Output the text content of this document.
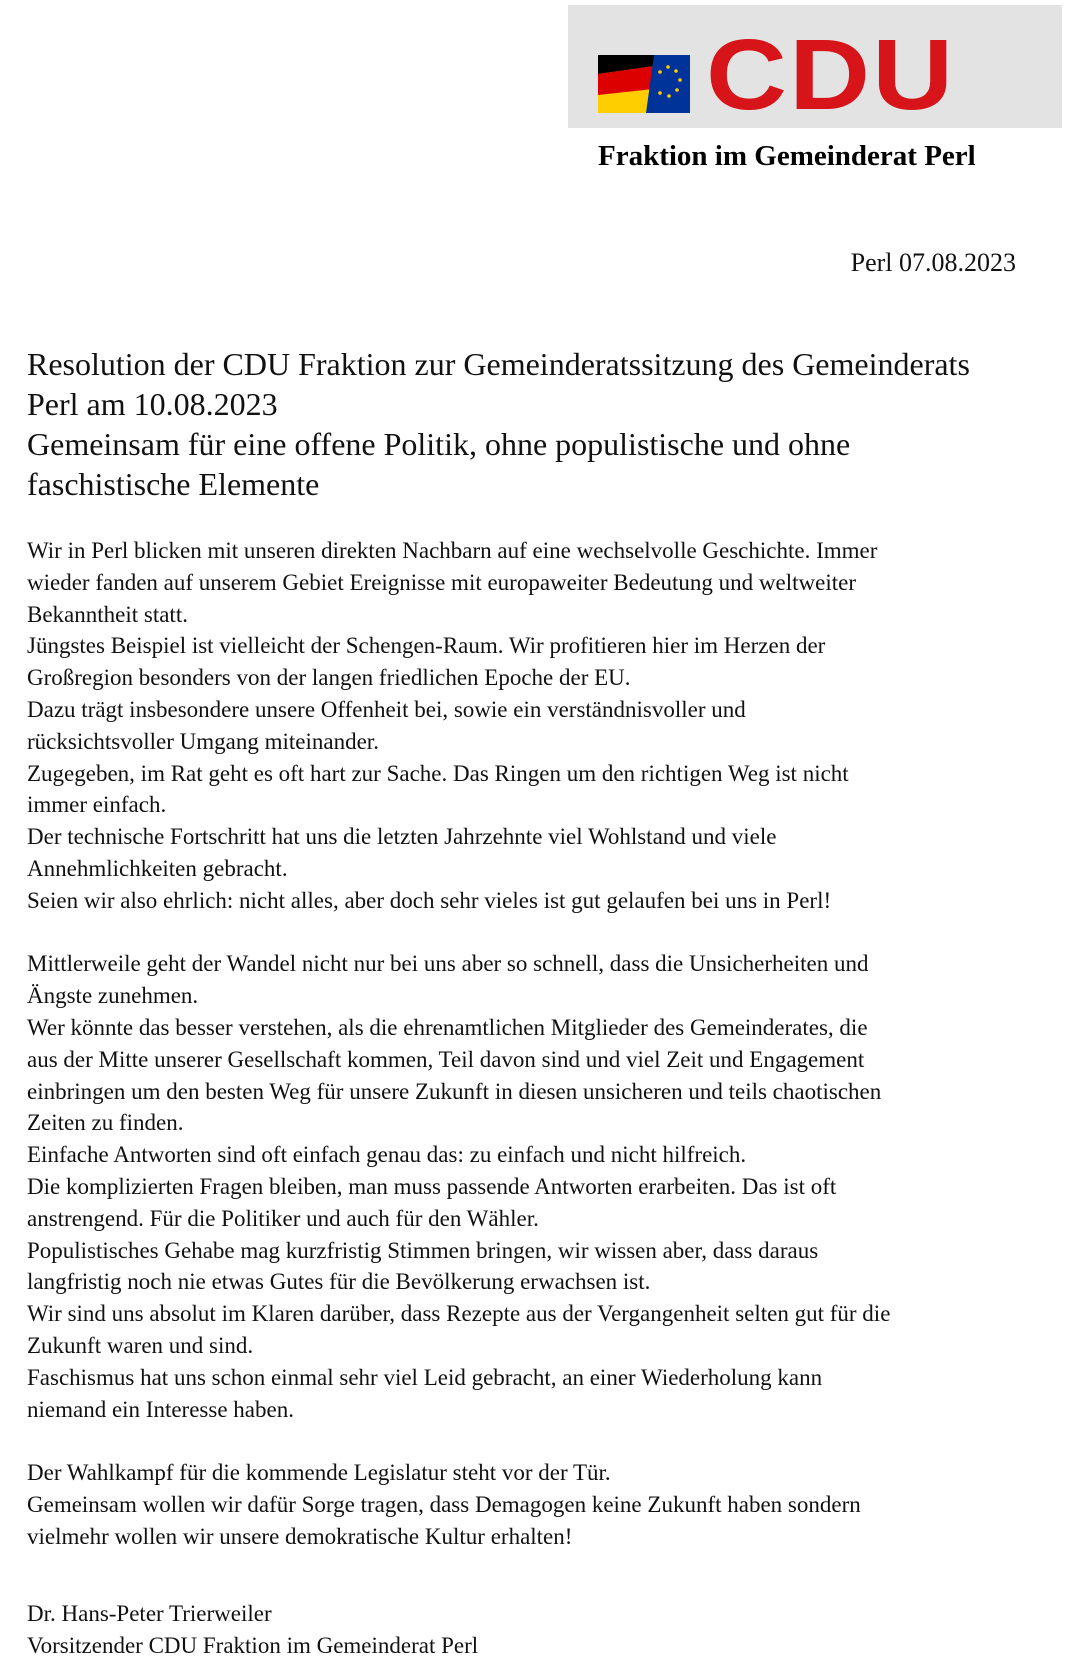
CDU
Fraktion im Gemeinderat Perl
Perl 07.08.2023

Resolution der CDU Fraktion zur Gemeinderatssitzung des Gemeinderats

Perl am 10.08.2023

Gemeinsam für eine offene Politik, ohne populistische und ohne

faschistische Elemente

Wir in Perl blicken mit unseren direkten Nachbarn auf eine wechselvolle Geschichte. Immer

wieder fanden auf unserem Gebiet Ereignisse mit europaweiter Bedeutung und weltweiter

Bekanntheit statt.

Jüngstes Beispiel ist vielleicht der Schengen-Raum. Wir profitieren hier im Herzen der

Großregion besonders von der langen friedlichen Epoche der EU.

Dazu trägt insbesondere unsere Offenheit bei, sowie ein verständnisvoller und

rücksichtsvoller Umgang miteinander.

Zugegeben, im Rat geht es oft hart zur Sache. Das Ringen um den richtigen Weg ist nicht

immer einfach.

Der technische Fortschritt hat uns die letzten Jahrzehnte viel Wohlstand und viele

Annehmlichkeiten gebracht.

Seien wir also ehrlich: nicht alles, aber doch sehr vieles ist gut gelaufen bei uns in Perl!

Mittlerweile geht der Wandel nicht nur bei uns aber so schnell, dass die Unsicherheiten und

Ängste zunehmen.

Wer könnte das besser verstehen, als die ehrenamtlichen Mitglieder des Gemeinderates, die

aus der Mitte unserer Gesellschaft kommen, Teil davon sind und viel Zeit und Engagement

einbringen um den besten Weg für unsere Zukunft in diesen unsicheren und teils chaotischen

Zeiten zu finden.

Einfache Antworten sind oft einfach genau das: zu einfach und nicht hilfreich.

Die komplizierten Fragen bleiben, man muss passende Antworten erarbeiten. Das ist oft

anstrengend. Für die Politiker und auch für den Wähler.

Populistisches Gehabe mag kurzfristig Stimmen bringen, wir wissen aber, dass daraus

langfristig noch nie etwas Gutes für die Bevölkerung erwachsen ist.

Wir sind uns absolut im Klaren darüber, dass Rezepte aus der Vergangenheit selten gut für die

Zukunft waren und sind.

Faschismus hat uns schon einmal sehr viel Leid gebracht, an einer Wiederholung kann

niemand ein Interesse haben.

Der Wahlkampf für die kommende Legislatur steht vor der Tür.

Gemeinsam wollen wir dafür Sorge tragen, dass Demagogen keine Zukunft haben sondern

vielmehr wollen wir unsere demokratische Kultur erhalten!

Dr. Hans-Peter Trierweiler

Vorsitzender CDU Fraktion im Gemeinderat Perl
